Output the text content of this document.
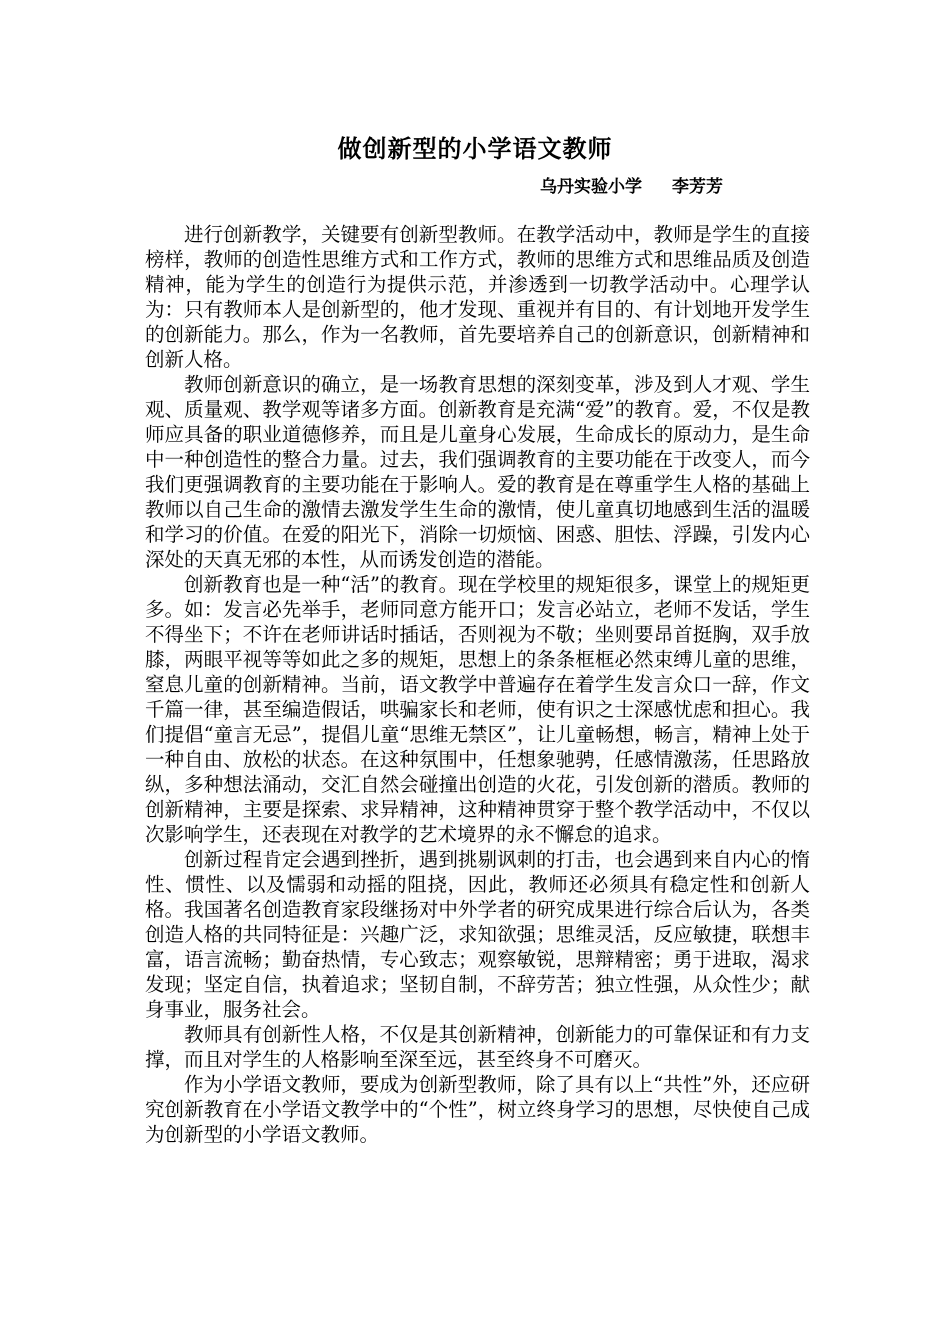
做创新型的小学语文教师
乌丹实验小学 李芳芳

进行创新教学，关键要有创新型教师。在教学活动中，教师是学生的直接榜样，教师的创造性思维方式和工作方式，教师的思维方式和思维品质及创造精神，能为学生的创造行为提供示范，并渗透到一切教学活动中。心理学认为：只有教师本人是创新型的，他才发现、重视并有目的、有计划地开发学生的创新能力。那么，作为一名教师，首先要培养自己的创新意识，创新精神和创新人格。

教师创新意识的确立，是一场教育思想的深刻变革，涉及到人才观、学生观、质量观、教学观等诸多方面。创新教育是充满“爱”的教育。爱，不仅是教师应具备的职业道德修养，而且是儿童身心发展，生命成长的原动力，是生命中一种创造性的整合力量。过去，我们强调教育的主要功能在于改变人，而今我们更强调教育的主要功能在于影响人。爱的教育是在尊重学生人格的基础上教师以自己生命的激情去激发学生生命的激情，使儿童真切地感到生活的温暖和学习的价值。在爱的阳光下，消除一切烦恼、困惑、胆怯、浮躁，引发内心深处的天真无邪的本性，从而诱发创造的潜能。

创新教育也是一种“活”的教育。现在学校里的规矩很多，课堂上的规矩更多。如：发言必先举手，老师同意方能开口；发言必站立，老师不发话，学生不得坐下；不许在老师讲话时插话，否则视为不敬；坐则要昂首挺胸，双手放膝，两眼平视等等如此之多的规矩，思想上的条条框框必然束缚儿童的思维，窒息儿童的创新精神。当前，语文教学中普遍存在着学生发言众口一辞，作文千篇一律，甚至编造假话，哄骗家长和老师，使有识之士深感忧虑和担心。我们提倡“童言无忌”，提倡儿童“思维无禁区”，让儿童畅想，畅言，精神上处于一种自由、放松的状态。在这种氛围中，任想象驰骋，任感情激荡，任思路放纵，多种想法涌动，交汇自然会碰撞出创造的火花，引发创新的潜质。教师的创新精神，主要是探索、求异精神，这种精神贯穿于整个教学活动中，不仅以次影响学生，还表现在对教学的艺术境界的永不懈怠的追求。

创新过程肯定会遇到挫折，遇到挑剔讽刺的打击，也会遇到来自内心的惰性、惯性、以及懦弱和动摇的阻挠，因此，教师还必须具有稳定性和创新人格。我国著名创造教育家段继扬对中外学者的研究成果进行综合后认为，各类创造人格的共同特征是：兴趣广泛，求知欲强；思维灵活，反应敏捷，联想丰富，语言流畅；勤奋热情，专心致志；观察敏锐，思辩精密；勇于进取，渴求发现；坚定自信，执着追求；坚韧自制，不辞劳苦；独立性强，从众性少；献身事业，服务社会。

教师具有创新性人格，不仅是其创新精神，创新能力的可靠保证和有力支撑，而且对学生的人格影响至深至远，甚至终身不可磨灭。

作为小学语文教师，要成为创新型教师，除了具有以上“共性”外，还应研究创新教育在小学语文教学中的“个性”，树立终身学习的思想，尽快使自己成为创新型的小学语文教师。
